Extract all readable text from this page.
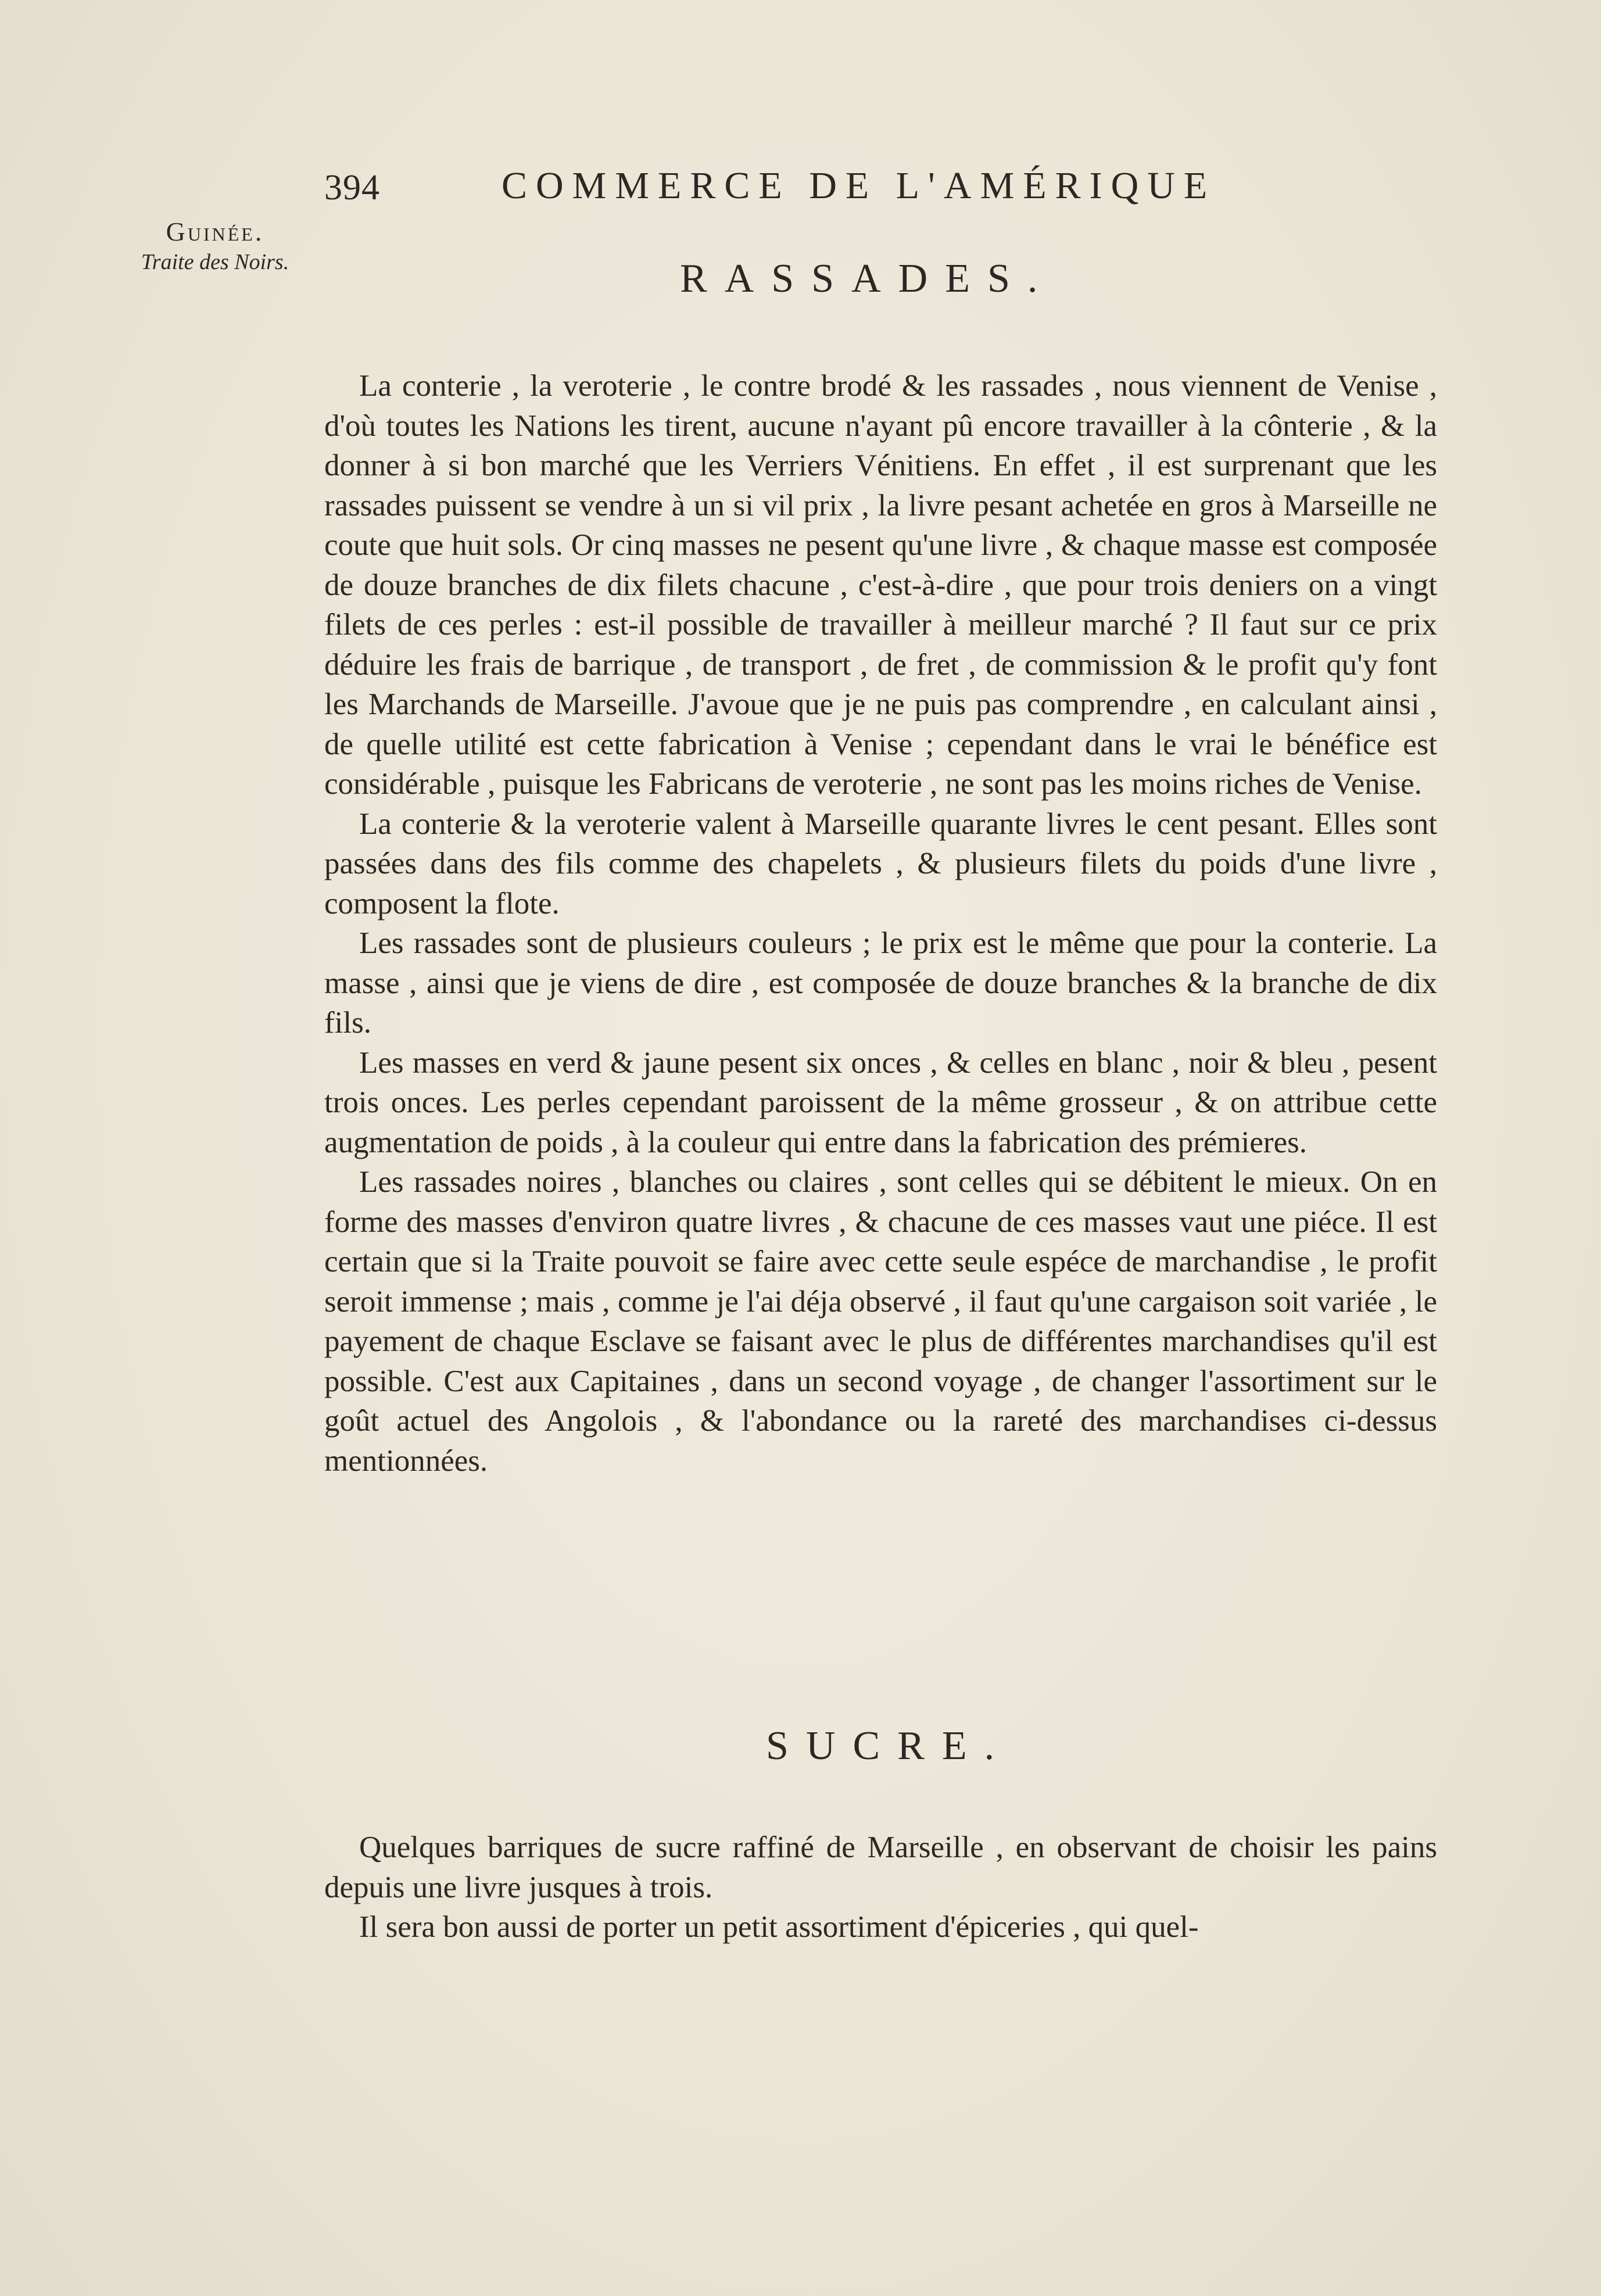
394	COMMERCE DE L'AMÉRIQUE
Guinée.
Traite des Noirs.	RASSADES.

La conterie , la veroterie , le contre brodé & les rassades , nous viennent de Venise , d'où toutes les Nations les tirent, aucune n'ayant pû encore travailler à la cônterie , & la donner à si bon marché que les Verriers Vénitiens. En effet , il est surprenant que les rassades puissent se vendre à un si vil prix , la livre pesant achetée en gros à Marseille ne coute que huit sols. Or cinq masses ne pesent qu'une livre , & chaque masse est composée de douze branches de dix filets chacune , c'est-à-dire , que pour trois deniers on a vingt filets de ces perles : est-il possible de travailler à meilleur marché ? Il faut sur ce prix déduire les frais de barrique , de transport , de fret , de commission & le profit qu'y font les Marchands de Marseille. J'avoue que je ne puis pas comprendre , en calculant ainsi , de quelle utilité est cette fabrication à Venise ; cependant dans le vrai le bénéfice est considérable , puisque les Fabricans de veroterie , ne sont pas les moins riches de Venise.

La conterie & la veroterie valent à Marseille quarante livres le cent pesant. Elles sont passées dans des fils comme des chapelets , & plusieurs filets du poids d'une livre , composent la flote.

Les rassades sont de plusieurs couleurs ; le prix est le même que pour la conterie. La masse , ainsi que je viens de dire , est composée de douze branches & la branche de dix fils.

Les masses en verd & jaune pesent six onces , & celles en blanc , noir & bleu , pesent trois onces. Les perles cependant paroissent de la même grosseur , & on attribue cette augmentation de poids , à la couleur qui entre dans la fabrication des prémieres.

Les rassades noires , blanches ou claires , sont celles qui se débitent le mieux. On en forme des masses d'environ quatre livres , & chacune de ces masses vaut une piéce. Il est certain que si la Traite pouvoit se faire avec cette seule espéce de marchandise , le profit seroit immense ; mais , comme je l'ai déja observé , il faut qu'une cargaison soit variée , le payement de chaque Esclave se faisant avec le plus de différentes marchandises qu'il est possible. C'est aux Capitaines , dans un second voyage , de changer l'assortiment sur le goût actuel des Angolois , & l'abondance ou la rareté des marchandises ci-dessus mentionnées.

SUCRE.

Quelques barriques de sucre raffiné de Marseille , en observant de choisir les pains depuis une livre jusques à trois.

Il sera bon aussi de porter un petit assortiment d'épiceries , qui quel-
